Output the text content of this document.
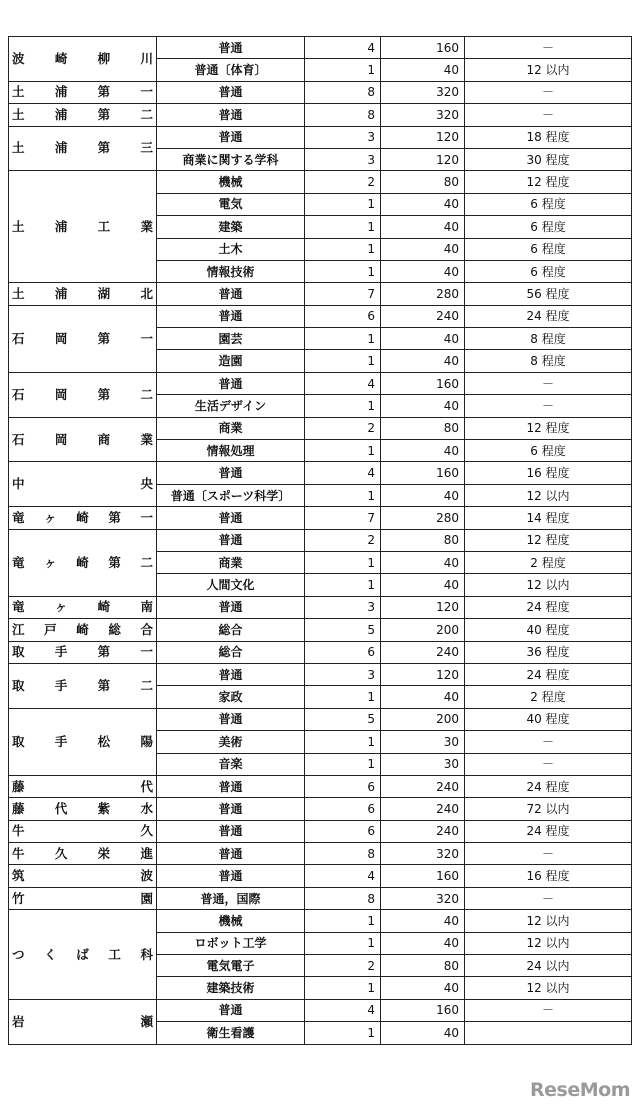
波 崎 柳 川	普通	4	160	－
	普通〔体育〕	1	40	12 以内

土 浦 第 一	普通	8	320	－

土 浦 第 二	普通	8	320	－

土 浦 第 三	普通	3	120	18 程度
	商業に関する学科	3	120	30 程度

土 浦 工 業	機械	2	80	12 程度
	電気	1	40	6 程度
	建築	1	40	6 程度
	土木	1	40	6 程度
	情報技術	1	40	6 程度

土 浦 湖 北	普通	7	280	56 程度

石 岡 第 一	普通	6	240	24 程度
	園芸	1	40	8 程度
	造園	1	40	8 程度

石 岡 第 二	普通	4	160	－
	生活デザイン	1	40	－

石 岡 商 業	商業	2	80	12 程度
	情報処理	1	40	6 程度

中 央	普通	4	160	16 程度
	普通〔スポーツ科学〕	1	40	12 以内

竜 ヶ 崎 第 一	普通	7	280	14 程度

竜 ヶ 崎 第 二	普通	2	80	12 程度
	商業	1	40	2 程度
	人間文化	1	40	12 以内

竜 ヶ 崎 南	普通	3	120	24 程度

江 戸 崎 総 合	総合	5	200	40 程度

取 手 第 一	総合	6	240	36 程度

取 手 第 二	普通	3	120	24 程度
	家政	1	40	2 程度

取 手 松 陽	普通	5	200	40 程度
	美術	1	30	－
	音楽	1	30	－

藤 代	普通	6	240	24 程度

藤 代 紫 水	普通	6	240	72 以内

牛 久	普通	6	240	24 程度

牛 久 栄 進	普通	8	320	－

筑 波	普通	4	160	16 程度

竹 園	普通，国際	8	320	－

つ く ば 工 科	機械	1	40	12 以内
	ロボット工学	1	40	12 以内
	電気電子	2	80	24 以内
	建築技術	1	40	12 以内

岩 瀬	普通	4	160	－
	衛生看護	1	40	
ReseMom
